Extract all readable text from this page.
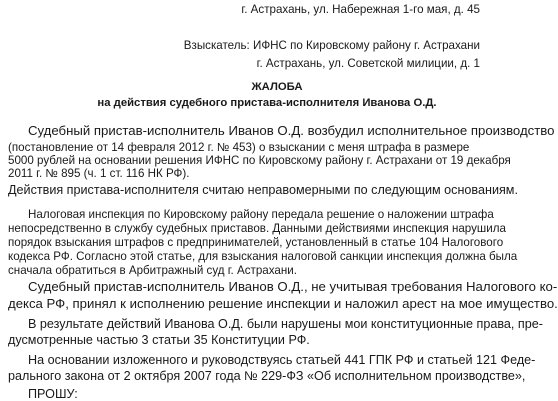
г. Астрахань, ул. Набережная 1-го мая, д. 45
Взыскатель: ИФНС по Кировскому району г. Астрахани
г. Астрахань, ул. Советской милиции, д. 1
ЖАЛОБА
на действия судебного пристава-исполнителя Иванова О.Д.
Судебный пристав-исполнитель Иванов О.Д. возбудил исполнительное производство
(постановление от 14 февраля 2012 г. № 453) о взыскании с меня штрафа в размере
5000 рублей на основании решения ИФНС по Кировскому району г. Астрахани от 19 декабря
2011 г. № 895 (ч. 1 ст. 116 НК РФ).
Действия пристава-исполнителя считаю неправомерными по следующим основаниям.
Налоговая инспекция по Кировскому району передала решение о наложении штрафа
непосредственно в службу судебных приставов. Данными действиями инспекция нарушила
порядок взыскания штрафов с предпринимателей, установленный в статье 104 Налогового
кодекса РФ. Согласно этой статье, для взыскания налоговой санкции инспекция должна была
сначала обратиться в Арбитражный суд г. Астрахани.
Судебный пристав-исполнитель Иванов О.Д., не учитывая требования Налогового ко-
декса РФ, принял к исполнению решение инспекции и наложил арест на мое имущество.
В результате действий Иванова О.Д. были нарушены мои конституционные права, пре-
дусмотренные частью 3 статьи 35 Конституции РФ.
На основании изложенного и руководствуясь статьей 441 ГПК РФ и статьей 121 Феде-
рального закона от 2 октября 2007 года № 229-ФЗ «Об исполнительном производстве»,
ПРОШУ:
